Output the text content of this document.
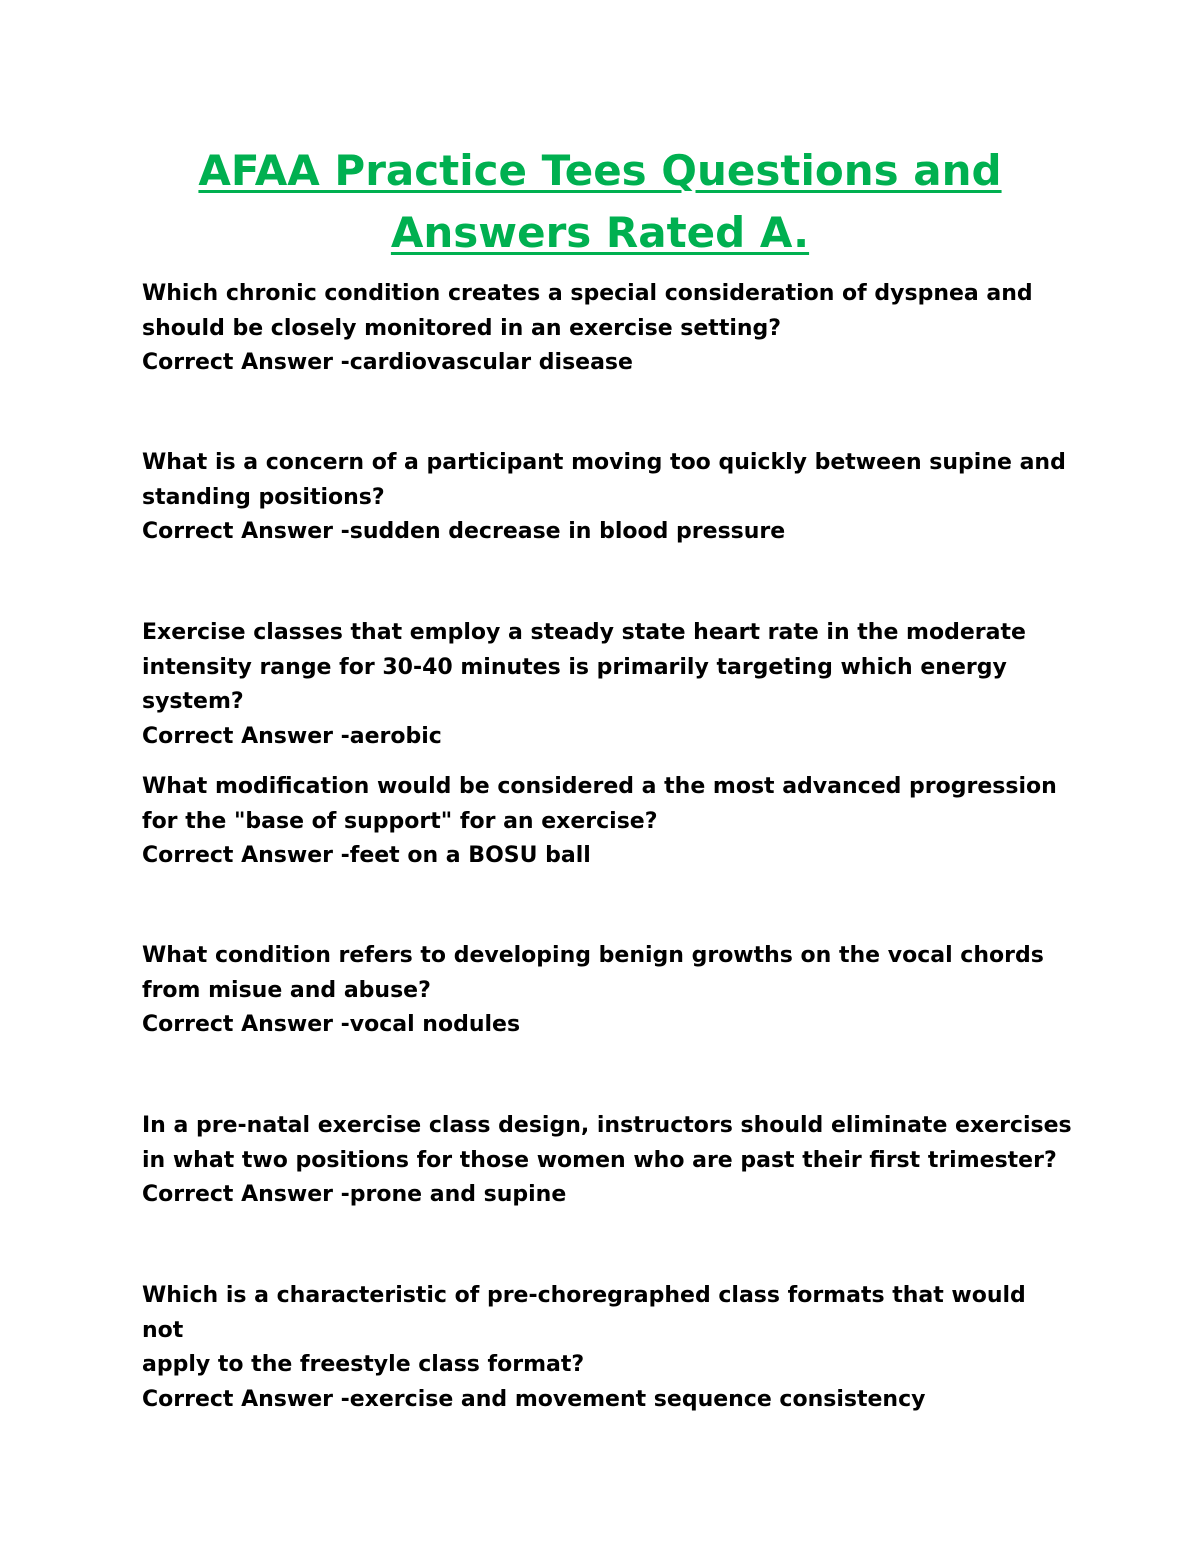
AFAA Practice Tees Questions and
Answers Rated A.

Which chronic condition creates a special consideration of dyspnea and
should be closely monitored in an exercise setting?

Correct Answer -cardiovascular disease

What is a concern of a participant moving too quickly between supine and
standing positions?

Correct Answer -sudden decrease in blood pressure

Exercise classes that employ a steady state heart rate in the moderate
intensity range for 30-40 minutes is primarily targeting which energy
system?

Correct Answer -aerobic

What modification would be considered a the most advanced progression
for the "base of support" for an exercise?

Correct Answer -feet on a BOSU ball

What condition refers to developing benign growths on the vocal chords
from misue and abuse?

Correct Answer -vocal nodules

In a pre-natal exercise class design, instructors should eliminate exercises
in what two positions for those women who are past their first trimester?

Correct Answer -prone and supine

Which is a characteristic of pre-choregraphed class formats that would not
apply to the freestyle class format?

Correct Answer -exercise and movement sequence consistency
